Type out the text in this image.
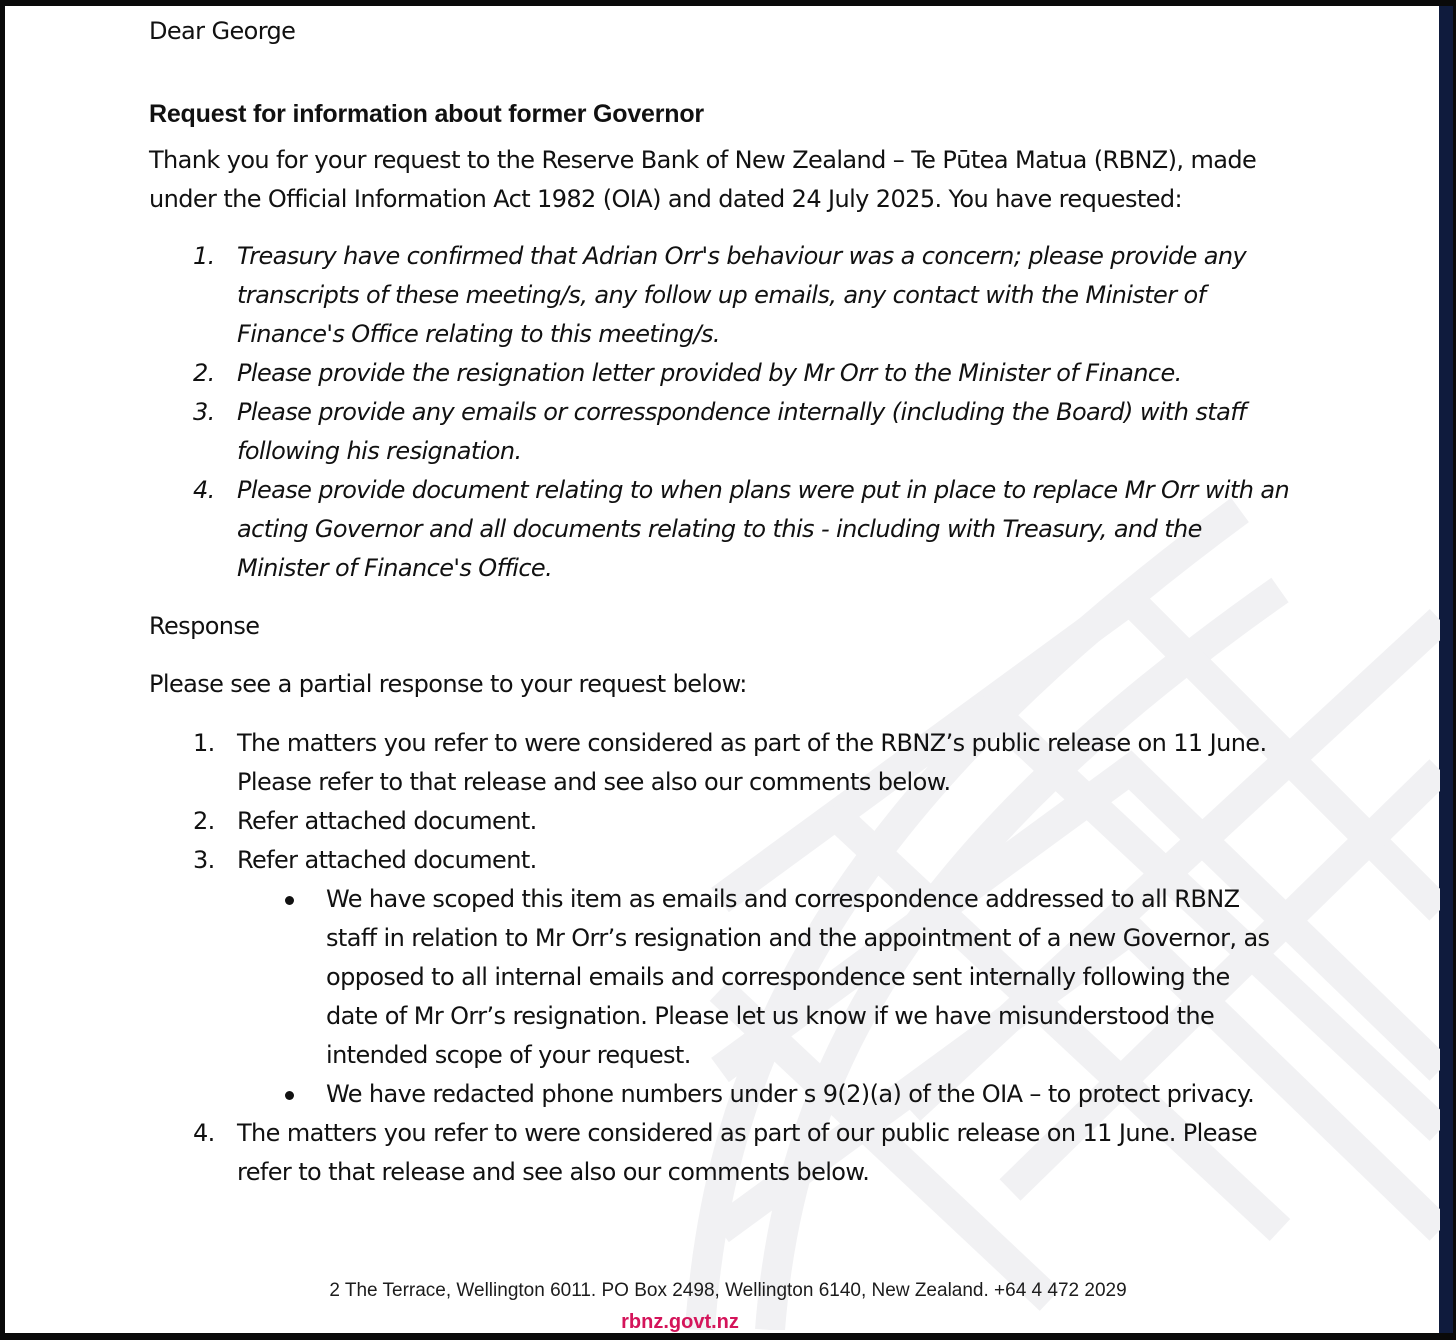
Dear George

Request for information about former Governor
Thank you for your request to the Reserve Bank of New Zealand – Te Pūtea Matua (RBNZ), made
under the Official Information Act 1982 (OIA) and dated 24 July 2025. You have requested:
1. Treasury have confirmed that Adrian Orr's behaviour was a concern; please provide any
transcripts of these meeting/s, any follow up emails, any contact with the Minister of
Finance's Office relating to this meeting/s.
2. Please provide the resignation letter provided by Mr Orr to the Minister of Finance.
3. Please provide any emails or corresspondence internally (including the Board) with staff
following his resignation.
4. Please provide document relating to when plans were put in place to replace Mr Orr with an
acting Governor and all documents relating to this - including with Treasury, and the
Minister of Finance's Office.
Response
Please see a partial response to your request below:
1. The matters you refer to were considered as part of the RBNZ’s public release on 11 June.
Please refer to that release and see also our comments below.
2. Refer attached document.
3. Refer attached document.
We have scoped this item as emails and correspondence addressed to all RBNZ
staff in relation to Mr Orr’s resignation and the appointment of a new Governor, as
opposed to all internal emails and correspondence sent internally following the
date of Mr Orr’s resignation. Please let us know if we have misunderstood the
intended scope of your request.
We have redacted phone numbers under s 9(2)(a) of the OIA – to protect privacy.
4. The matters you refer to were considered as part of our public release on 11 June. Please
refer to that release and see also our comments below.
2 The Terrace, Wellington 6011. PO Box 2498, Wellington 6140, New Zealand. +64 4 472 2029
rbnz.govt.nz
